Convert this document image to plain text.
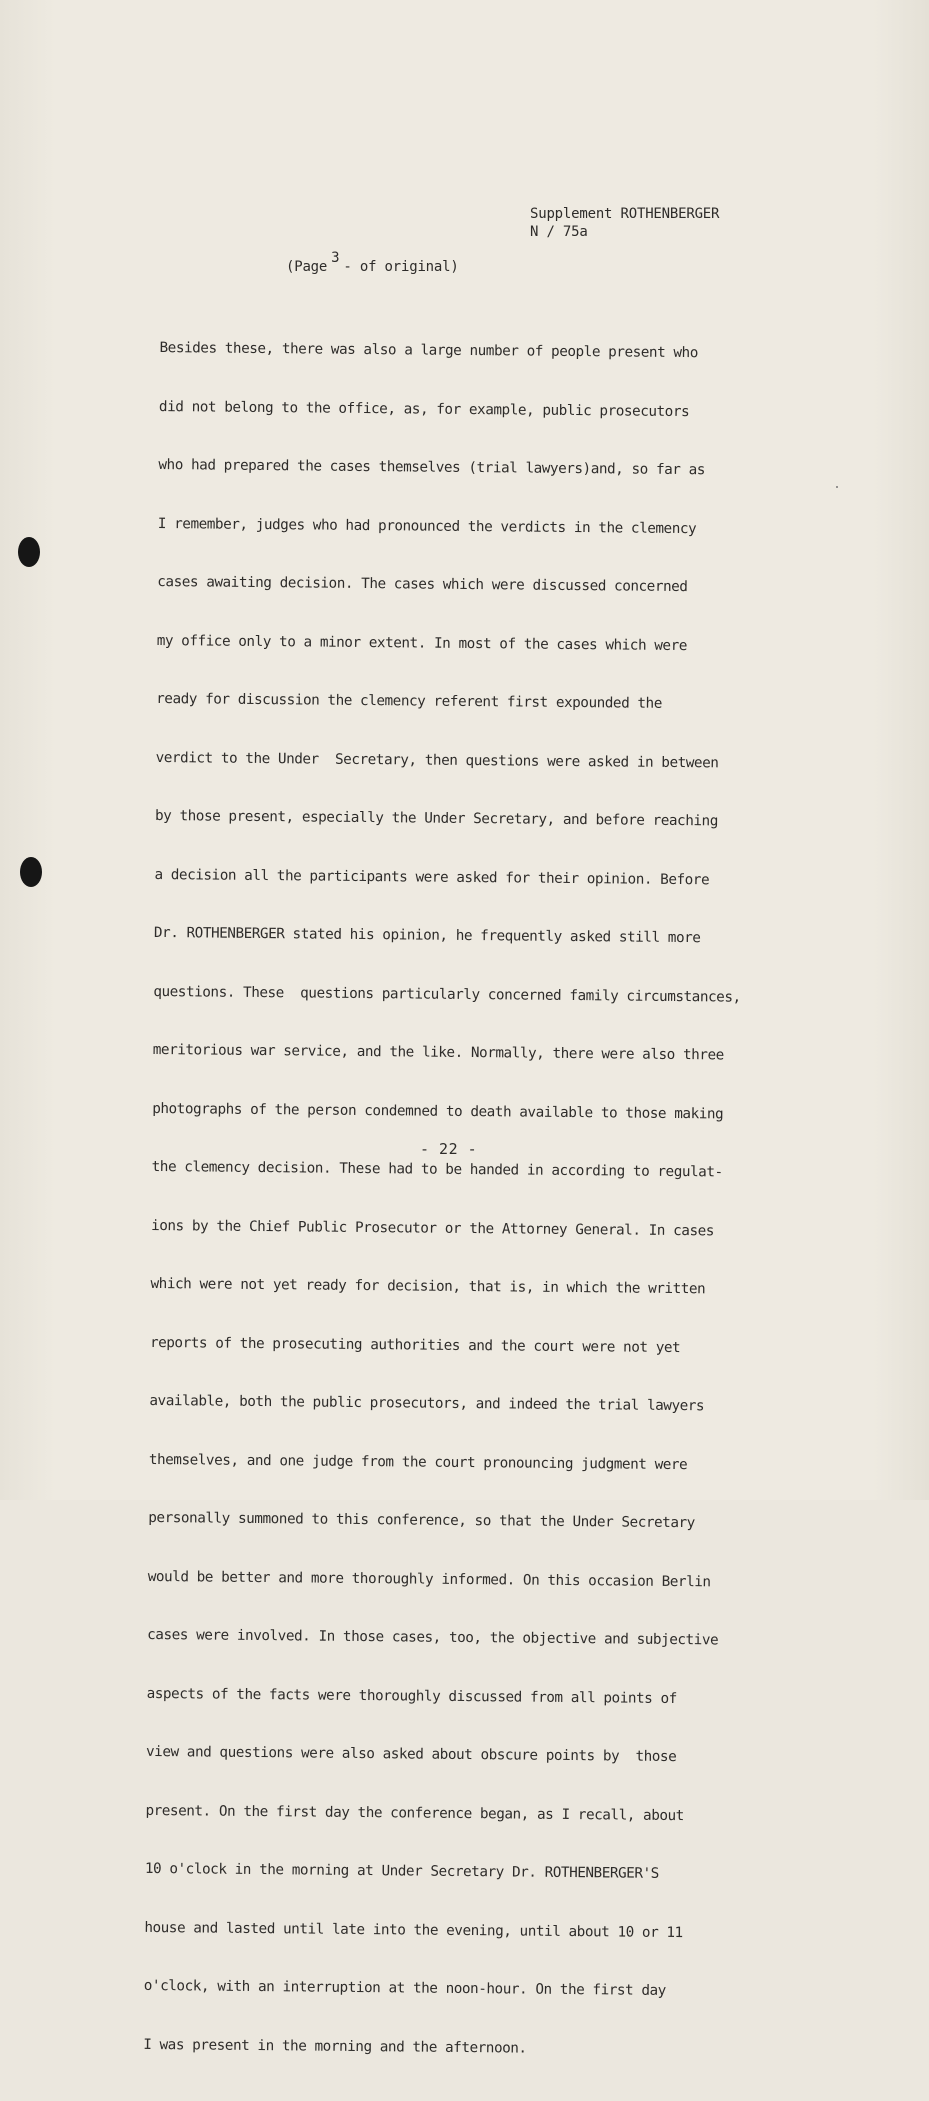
Supplement ROTHENBERGER
N / 75a
(Page3- of original)

Besides these, there was also a large number of people present who

did not belong to the office, as, for example, public prosecutors

who had prepared the cases themselves (trial lawyers)and, so far as

I remember, judges who had pronounced the verdicts in the clemency

cases awaiting decision. The cases which were discussed concerned

my office only to a minor extent. In most of the cases which were

ready for discussion the clemency referent first expounded the

verdict to the Under  Secretary, then questions were asked in between

by those present, especially the Under Secretary, and before reaching

a decision all the participants were asked for their opinion. Before

Dr. ROTHENBERGER stated his opinion, he frequently asked still more

questions. These  questions particularly concerned family circumstances,

meritorious war service, and the like. Normally, there were also three

photographs of the person condemned to death available to those making

the clemency decision. These had to be handed in according to regulat-

ions by the Chief Public Prosecutor or the Attorney General. In cases

which were not yet ready for decision, that is, in which the written

reports of the prosecuting authorities and the court were not yet

available, both the public prosecutors, and indeed the trial lawyers

themselves, and one judge from the court pronouncing judgment were

personally summoned to this conference, so that the Under Secretary

would be better and more thoroughly informed. On this occasion Berlin

cases were involved. In those cases, too, the objective and subjective

aspects of the facts were thoroughly discussed from all points of

view and questions were also asked about obscure points by  those

present. On the first day the conference began, as I recall, about

10 o'clock in the morning at Under Secretary Dr. ROTHENBERGER'S

house and lasted until late into the evening, until about 10 or 11

o'clock, with an interruption at the noon-hour. On the first day

I was present in the morning and the afternoon.

- 22 -
